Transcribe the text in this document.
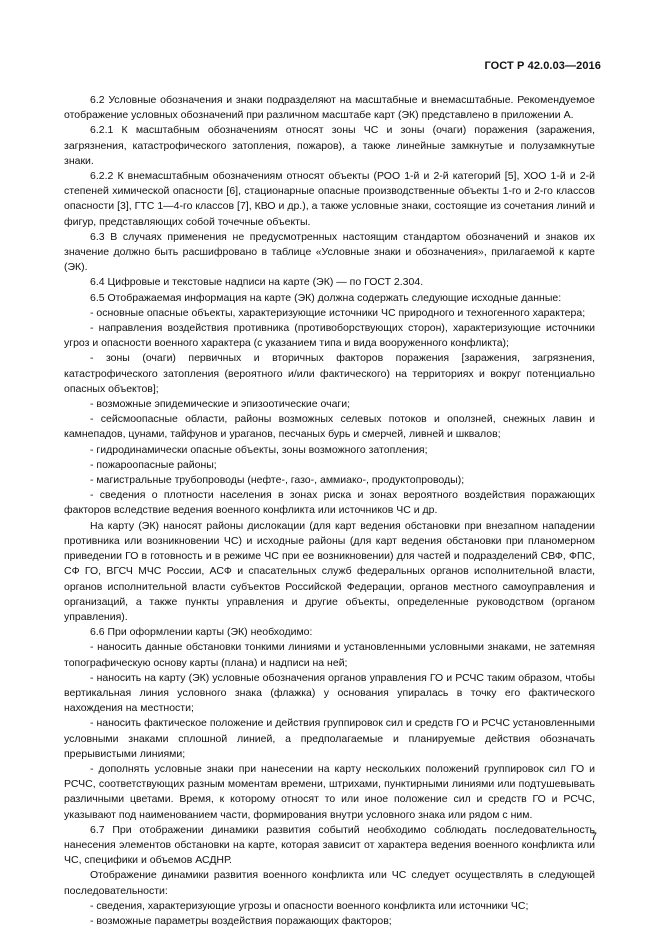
ГОСТ Р 42.0.03—2016

6.2 Условные обозначения и знаки подразделяют на масштабные и внемасштабные. Рекомендуемое отображение условных обозначений при различном масштабе карт (ЭК) представлено в приложении А.

6.2.1 К масштабным обозначениям относят зоны ЧС и зоны (очаги) поражения (заражения, загрязнения, катастрофического затопления, пожаров), а также линейные замкнутые и полузамкнутые знаки.

6.2.2 К внемасштабным обозначениям относят объекты (РОО 1-й и 2-й категорий [5], ХОО 1-й и 2-й степеней химической опасности [6], стационарные опасные производственные объекты 1-го и 2-го классов опасности [3], ГТС 1—4-го классов [7], КВО и др.), а также условные знаки, состоящие из сочетания линий и фигур, представляющих собой точечные объекты.

6.3 В случаях применения не предусмотренных настоящим стандартом обозначений и знаков их значение должно быть расшифровано в таблице «Условные знаки и обозначения», прилагаемой к карте (ЭК).

6.4 Цифровые и текстовые надписи на карте (ЭК) — по ГОСТ 2.304.

6.5 Отображаемая информация на карте (ЭК) должна содержать следующие исходные данные:

- основные опасные объекты, характеризующие источники ЧС природного и техногенного характера;

- направления воздействия противника (противоборствующих сторон), характеризующие источники угроз и опасности военного характера (с указанием типа и вида вооруженного конфликта);

- зоны (очаги) первичных и вторичных факторов поражения [заражения, загрязнения, катастрофического затопления (вероятного и/или фактического) на территориях и вокруг потенциально опасных объектов];

- возможные эпидемические и эпизоотические очаги;

- сейсмоопасные области, районы возможных селевых потоков и оползней, снежных лавин и камнепадов, цунами, тайфунов и ураганов, песчаных бурь и смерчей, ливней и шквалов;

- гидродинамически опасные объекты, зоны возможного затопления;

- пожароопасные районы;

- магистральные трубопроводы (нефте-, газо-, аммиако-, продуктопроводы);

- сведения о плотности населения в зонах риска и зонах вероятного воздействия поражающих факторов вследствие ведения военного конфликта или источников ЧС и др.

На карту (ЭК) наносят районы дислокации (для карт ведения обстановки при внезапном нападении противника или возникновении ЧС) и исходные районы (для карт ведения обстановки при планомерном приведении ГО в готовность и в режиме ЧС при ее возникновении) для частей и подразделений СВФ, ФПС, СФ ГО, ВГСЧ МЧС России, АСФ и спасательных служб федеральных органов исполнительной власти, органов исполнительной власти субъектов Российской Федерации, органов местного самоуправления и организаций, а также пункты управления и другие объекты, определенные руководством (органом управления).

6.6 При оформлении карты (ЭК) необходимо:

- наносить данные обстановки тонкими линиями и установленными условными знаками, не затемняя топографическую основу карты (плана) и надписи на ней;

- наносить на карту (ЭК) условные обозначения органов управления ГО и РСЧС таким образом, чтобы вертикальная линия условного знака (флажка) у основания упиралась в точку его фактического нахождения на местности;

- наносить фактическое положение и действия группировок сил и средств ГО и РСЧС установленными условными знаками сплошной линией, а предполагаемые и планируемые действия обозначать прерывистыми линиями;

- дополнять условные знаки при нанесении на карту нескольких положений группировок сил ГО и РСЧС, соответствующих разным моментам времени, штрихами, пунктирными линиями или подтушевывать различными цветами. Время, к которому относят то или иное положение сил и средств ГО и РСЧС, указывают под наименованием части, формирования внутри условного знака или рядом с ним.

6.7 При отображении динамики развития событий необходимо соблюдать последовательность нанесения элементов обстановки на карте, которая зависит от характера ведения военного конфликта или ЧС, специфики и объемов АСДНР.

Отображение динамики развития военного конфликта или ЧС следует осуществлять в следующей последовательности:

- сведения, характеризующие угрозы и опасности военного конфликта или источники ЧС;

- возможные параметры воздействия поражающих факторов;

7
